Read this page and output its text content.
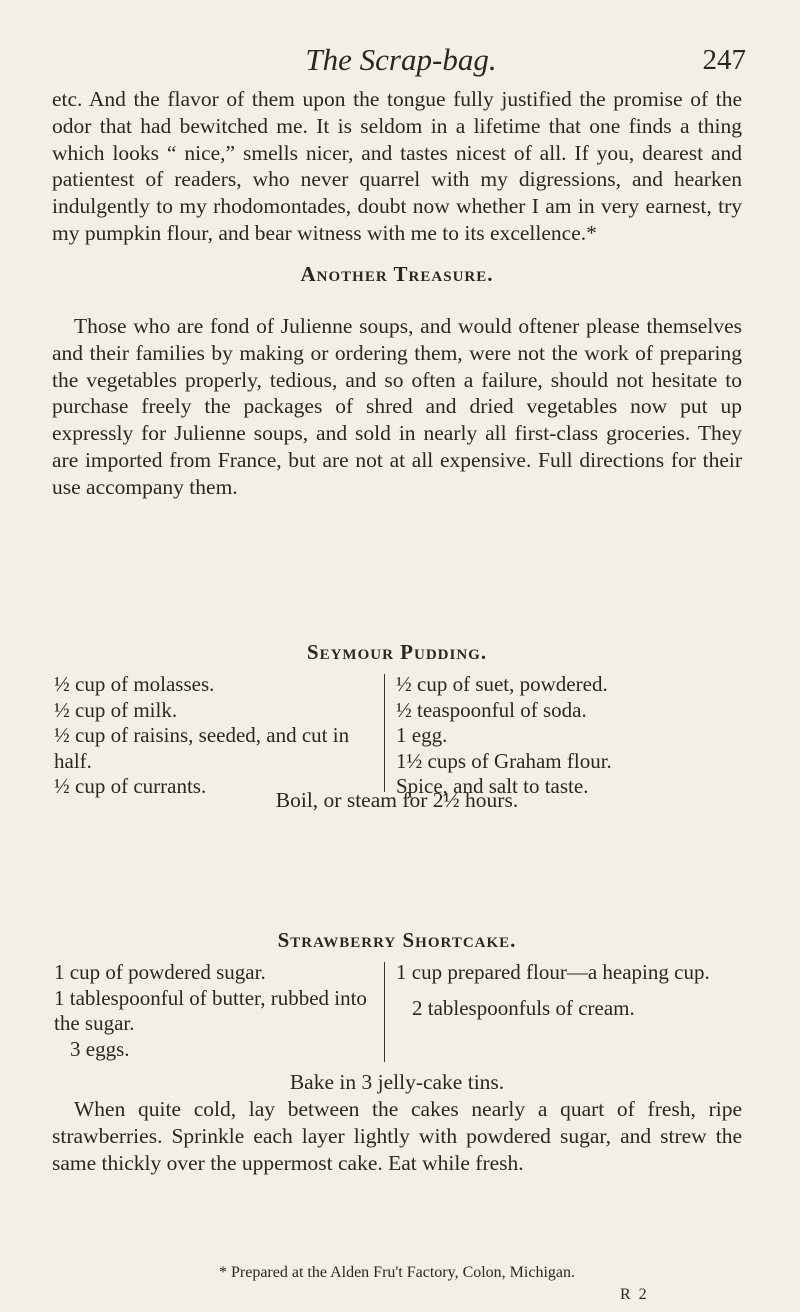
The Scrap-bag.	247

etc. And the flavor of them upon the tongue fully justified the promise of the odor that had bewitched me. It is seldom in a lifetime that one finds a thing which looks “ nice,” smells nicer, and tastes nicest of all. If you, dearest and patientest of readers, who never quarrel with my digressions, and hearken indulgently to my rhodomontades, doubt now whether I am in very earnest, try my pumpkin flour, and bear witness with me to its excellence.*

Another Treasure.

Those who are fond of Julienne soups, and would oftener please themselves and their families by making or ordering them, were not the work of preparing the vegetables properly, tedious, and so often a failure, should not hesitate to purchase freely the packages of shred and dried vegetables now put up expressly for Julienne soups, and sold in nearly all first-class groceries. They are imported from France, but are not at all expensive. Full directions for their use accompany them.

Seymour Pudding.
½ cup of molasses.
½ cup of milk.
½ cup of raisins, seeded, and cut in half.
½ cup of currants.
½ cup of suet, powdered.
½ teaspoonful of soda.
1 egg.
1½ cups of Graham flour.
Spice, and salt to taste.
Boil, or steam for 2½ hours.
Strawberry Shortcake.
1 cup of powdered sugar.
1 tablespoonful of butter, rubbed into the sugar.
3 eggs.
1 cup prepared flour—a heaping cup.
2 tablespoonfuls of cream.
Bake in 3 jelly-cake tins.

When quite cold, lay between the cakes nearly a quart of fresh, ripe strawberries. Sprinkle each layer lightly with powdered sugar, and strew the same thickly over the uppermost cake. Eat while fresh.

* Prepared at the Alden Fru't Factory, Colon, Michigan.
R 2
